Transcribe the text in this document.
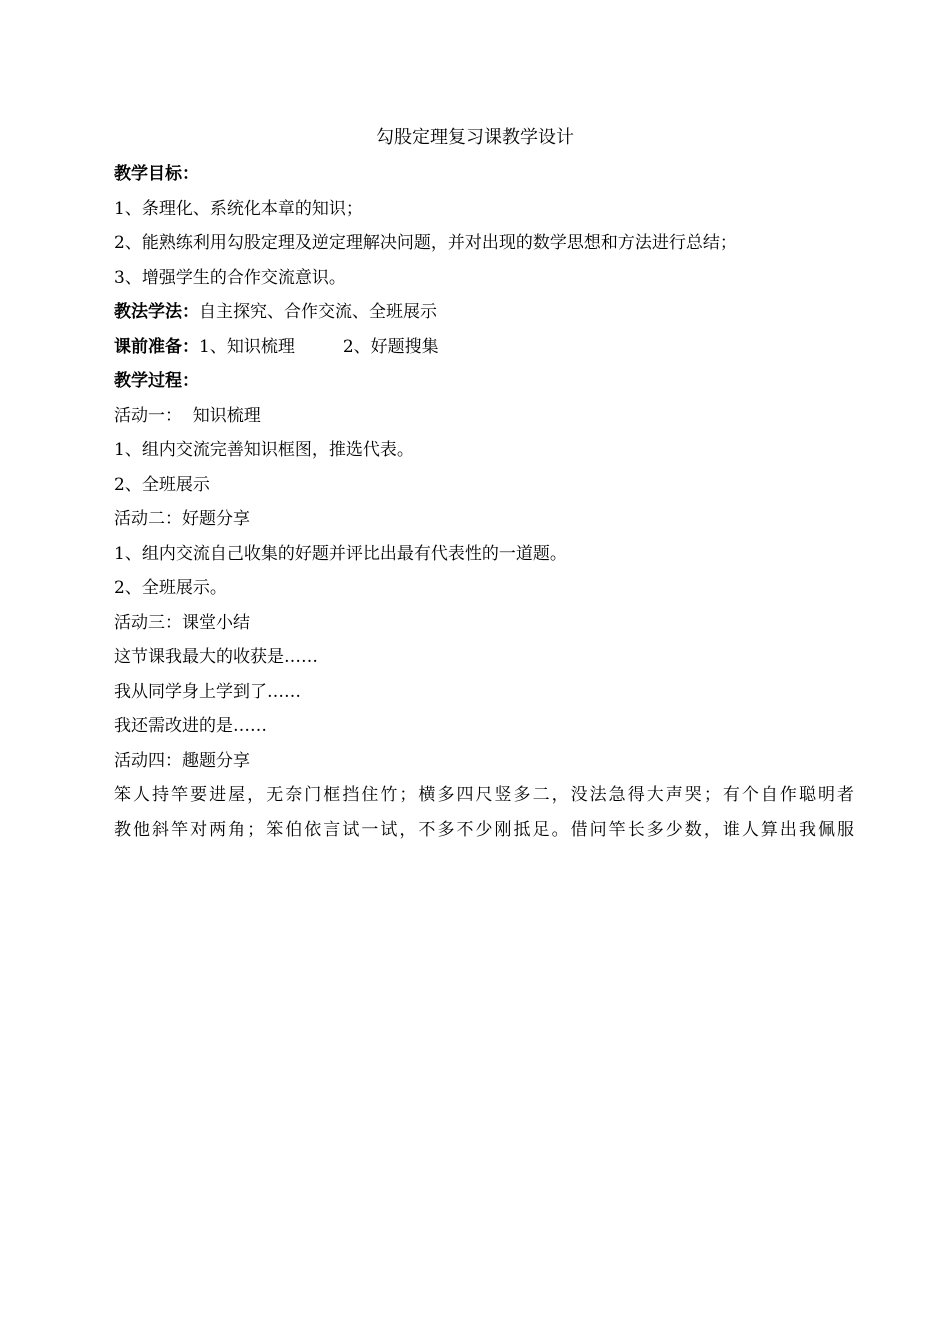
勾股定理复习课教学设计
教学目标：
1、条理化、系统化本章的知识；
2、能熟练利用勾股定理及逆定理解决问题，并对出现的数学思想和方法进行总结；
3、增强学生的合作交流意识。
教法学法：自主探究、合作交流、全班展示
课前准备：1、知识梳理	2、好题搜集
教学过程：
活动一：  知识梳理
1、组内交流完善知识框图，推选代表。
2、全班展示
活动二：好题分享
1、组内交流自己收集的好题并评比出最有代表性的一道题。
2、全班展示。
活动三：课堂小结
这节课我最大的收获是……
我从同学身上学到了……
我还需改进的是……
活动四：趣题分享
笨人持竿要进屋，无奈门框挡住竹；横多四尺竖多二，没法急得大声哭；有个自作聪明者
教他斜竿对两角；笨伯依言试一试，不多不少刚抵足。借问竿长多少数，谁人算出我佩服
